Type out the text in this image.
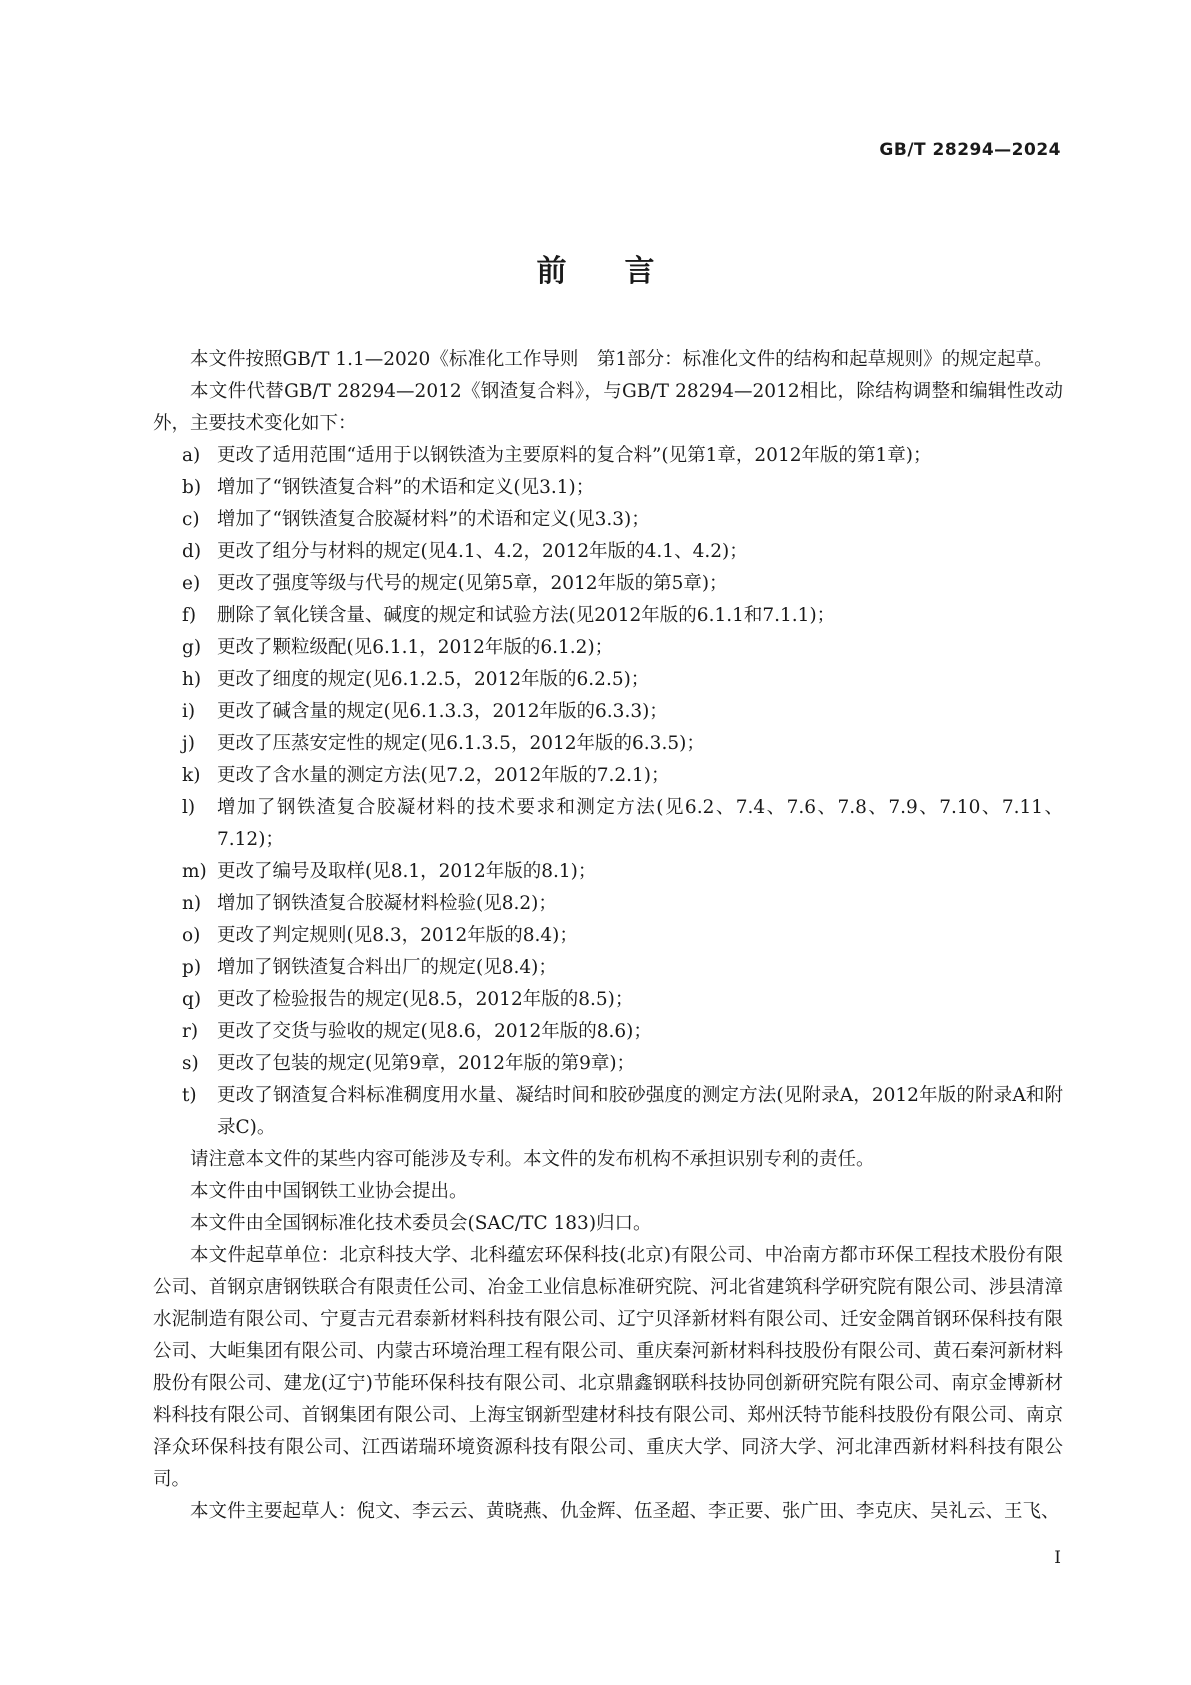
GB/T 28294—2024
前言

本文件按照GB/T 1.1—2020《标准化工作导则　第1部分：标准化文件的结构和起草规则》的规定起草。

本文件代替GB/T 28294—2012《钢渣复合料》，与GB/T 28294—2012相比，除结构调整和编辑性改动外，主要技术变化如下：

a) 更改了适用范围“适用于以钢铁渣为主要原料的复合料”(见第1章，2012年版的第1章)；

b) 增加了“钢铁渣复合料”的术语和定义(见3.1)；

c) 增加了“钢铁渣复合胶凝材料”的术语和定义(见3.3)；

d) 更改了组分与材料的规定(见4.1、4.2，2012年版的4.1、4.2)；

e) 更改了强度等级与代号的规定(见第5章，2012年版的第5章)；

f) 删除了氧化镁含量、碱度的规定和试验方法(见2012年版的6.1.1和7.1.1)；

g) 更改了颗粒级配(见6.1.1，2012年版的6.1.2)；

h) 更改了细度的规定(见6.1.2.5，2012年版的6.2.5)；

i) 更改了碱含量的规定(见6.1.3.3，2012年版的6.3.3)；

j) 更改了压蒸安定性的规定(见6.1.3.5，2012年版的6.3.5)；

k) 更改了含水量的测定方法(见7.2，2012年版的7.2.1)；

l) 增加了钢铁渣复合胶凝材料的技术要求和测定方法(见6.2、7.4、7.6、7.8、7.9、7.10、7.11、7.12)；

m) 更改了编号及取样(见8.1，2012年版的8.1)；

n) 增加了钢铁渣复合胶凝材料检验(见8.2)；

o) 更改了判定规则(见8.3，2012年版的8.4)；

p) 增加了钢铁渣复合料出厂的规定(见8.4)；

q) 更改了检验报告的规定(见8.5，2012年版的8.5)；

r) 更改了交货与验收的规定(见8.6，2012年版的8.6)；

s) 更改了包装的规定(见第9章，2012年版的第9章)；

t) 更改了钢渣复合料标准稠度用水量、凝结时间和胶砂强度的测定方法(见附录A，2012年版的附录A和附录C)。

请注意本文件的某些内容可能涉及专利。本文件的发布机构不承担识别专利的责任。

本文件由中国钢铁工业协会提出。

本文件由全国钢标准化技术委员会(SAC/TC 183)归口。

本文件起草单位：北京科技大学、北科蕴宏环保科技(北京)有限公司、中冶南方都市环保工程技术股份有限公司、首钢京唐钢铁联合有限责任公司、冶金工业信息标准研究院、河北省建筑科学研究院有限公司、涉县清漳水泥制造有限公司、宁夏吉元君泰新材料科技有限公司、辽宁贝泽新材料有限公司、迁安金隅首钢环保科技有限公司、大岠集团有限公司、内蒙古环境治理工程有限公司、重庆秦河新材料科技股份有限公司、黄石秦河新材料股份有限公司、建龙(辽宁)节能环保科技有限公司、北京鼎鑫钢联科技协同创新研究院有限公司、南京金博新材料科技有限公司、首钢集团有限公司、上海宝钢新型建材科技有限公司、郑州沃特节能科技股份有限公司、南京泽众环保科技有限公司、江西诺瑞环境资源科技有限公司、重庆大学、同济大学、河北津西新材料科技有限公司。

本文件主要起草人：倪文、李云云、黄晓燕、仇金辉、伍圣超、李正要、张广田、李克庆、吴礼云、王飞、

I
